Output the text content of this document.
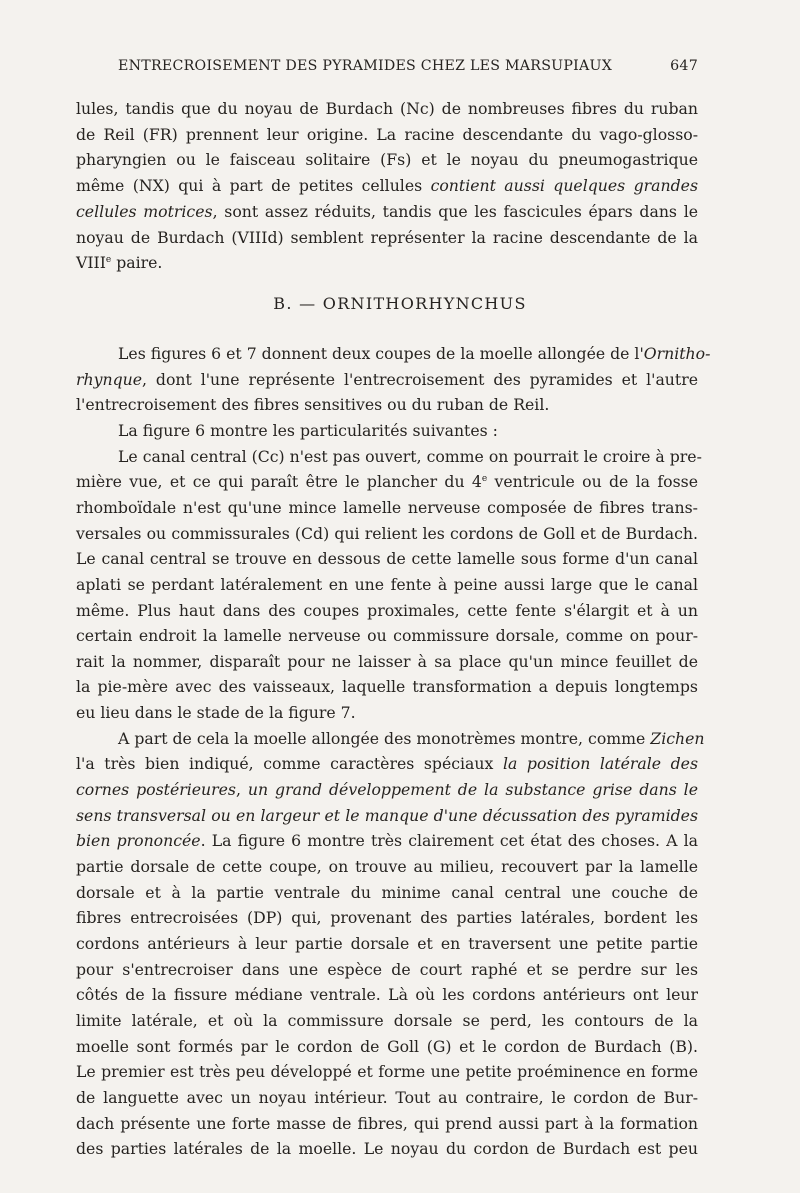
ENTRECROISEMENT DES PYRAMIDES CHEZ LES MARSUPIAUX	647
B. — ORNITHORHYNCHUS
lules, tandis que du noyau de Burdach (Nc) de nombreuses fibres du ruban
de Reil (FR) prennent leur origine. La racine descendante du vago-glosso-
pharyngien ou le faisceau solitaire (Fs) et le noyau du pneumogastrique
même (NX) qui à part de petites cellules contient aussi quelques grandes
cellules motrices, sont assez réduits, tandis que les fascicules épars dans le
noyau de Burdach (VIIId) semblent représenter la racine descendante de la
VIIIe paire.
Les figures 6 et 7 donnent deux coupes de la moelle allongée de l'Ornitho-
rhynque, dont l'une représente l'entrecroisement des pyramides et l'autre
l'entrecroisement des fibres sensitives ou du ruban de Reil.
La figure 6 montre les particularités suivantes :
Le canal central (Cc) n'est pas ouvert, comme on pourrait le croire à pre-
mière vue, et ce qui paraît être le plancher du 4e ventricule ou de la fosse
rhomboïdale n'est qu'une mince lamelle nerveuse composée de fibres trans-
versales ou commissurales (Cd) qui relient les cordons de Goll et de Burdach.
Le canal central se trouve en dessous de cette lamelle sous forme d'un canal
aplati se perdant latéralement en une fente à peine aussi large que le canal
même. Plus haut dans des coupes proximales, cette fente s'élargit et à un
certain endroit la lamelle nerveuse ou commissure dorsale, comme on pour-
rait la nommer, disparaît pour ne laisser à sa place qu'un mince feuillet de
la pie-mère avec des vaisseaux, laquelle transformation a depuis longtemps
eu lieu dans le stade de la figure 7.
A part de cela la moelle allongée des monotrèmes montre, comme Zichen
l'a très bien indiqué, comme caractères spéciaux la position latérale des
cornes postérieures, un grand développement de la substance grise dans le
sens transversal ou en largeur et le manque d'une décussation des pyramides
bien prononcée. La figure 6 montre très clairement cet état des choses. A la
partie dorsale de cette coupe, on trouve au milieu, recouvert par la lamelle
dorsale et à la partie ventrale du minime canal central une couche de
fibres entrecroisées (DP) qui, provenant des parties latérales, bordent les
cordons antérieurs à leur partie dorsale et en traversent une petite partie
pour s'entrecroiser dans une espèce de court raphé et se perdre sur les
côtés de la fissure médiane ventrale. Là où les cordons antérieurs ont leur
limite latérale, et où la commissure dorsale se perd, les contours de la
moelle sont formés par le cordon de Goll (G) et le cordon de Burdach (B).
Le premier est très peu développé et forme une petite proéminence en forme
de languette avec un noyau intérieur. Tout au contraire, le cordon de Bur-
dach présente une forte masse de fibres, qui prend aussi part à la formation
des parties latérales de la moelle. Le noyau du cordon de Burdach est peu
